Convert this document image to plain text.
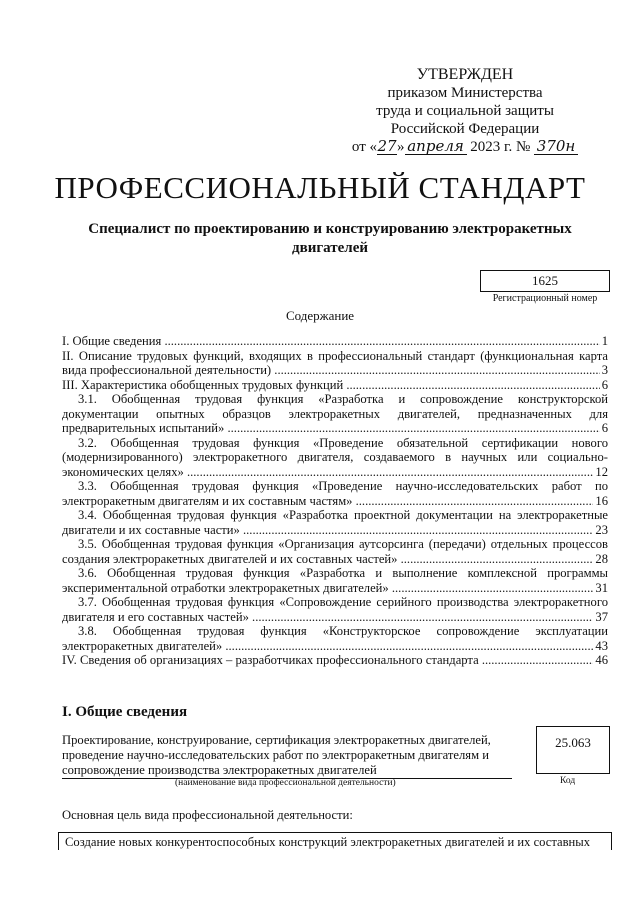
УТВЕРЖДЕН
приказом Министерства
труда и социальной защиты
Российской Федерации
от «27» апреля 2023 г. № 370н
ПРОФЕССИОНАЛЬНЫЙ СТАНДАРТ
Специалист по проектированию и конструированию электроракетных двигателей
1625
Регистрационный номер
Содержание
I. Общие сведения .....	1
II. Описание трудовых функций, входящих в профессиональный стандарт (функциональная карта
вида профессиональной деятельности) .....	3
III. Характеристика обобщенных трудовых функций .....	6
3.1. Обобщенная трудовая функция «Разработка и сопровождение конструкторской
документации опытных образцов электроракетных двигателей, предназначенных для
предварительных испытаний» .....	6
3.2. Обобщенная трудовая функция «Проведение обязательной сертификации нового
(модернизированного) электроракетного двигателя, создаваемого в научных или социально-
экономических целях» .....	12
3.3. Обобщенная трудовая функция «Проведение научно-исследовательских работ по
электроракетным двигателям и их составным частям» .....	16
3.4. Обобщенная трудовая функция «Разработка проектной документации на электроракетные
двигатели и их составные части» .....	23
3.5. Обобщенная трудовая функция «Организация аутсорсинга (передачи) отдельных процессов
создания электроракетных двигателей и их составных частей» .....	28
3.6. Обобщенная трудовая функция «Разработка и выполнение комплексной программы
экспериментальной отработки электроракетных двигателей» .....	31
3.7. Обобщенная трудовая функция «Сопровождение серийного производства электроракетного
двигателя и его составных частей» .....	37
3.8. Обобщенная трудовая функция «Конструкторское сопровождение эксплуатации
электроракетных двигателей» .....	43
IV. Сведения об организациях – разработчиках профессионального стандарта .....	46
I. Общие сведения
Проектирование, конструирование, сертификация электроракетных двигателей,
проведение научно-исследовательских работ по электроракетным двигателям и
сопровождение производства электроракетных двигателей
25.063
(наименование вида профессиональной деятельности)	Код
Основная цель вида профессиональной деятельности:
Создание новых конкурентоспособных конструкций электроракетных двигателей и их составных
